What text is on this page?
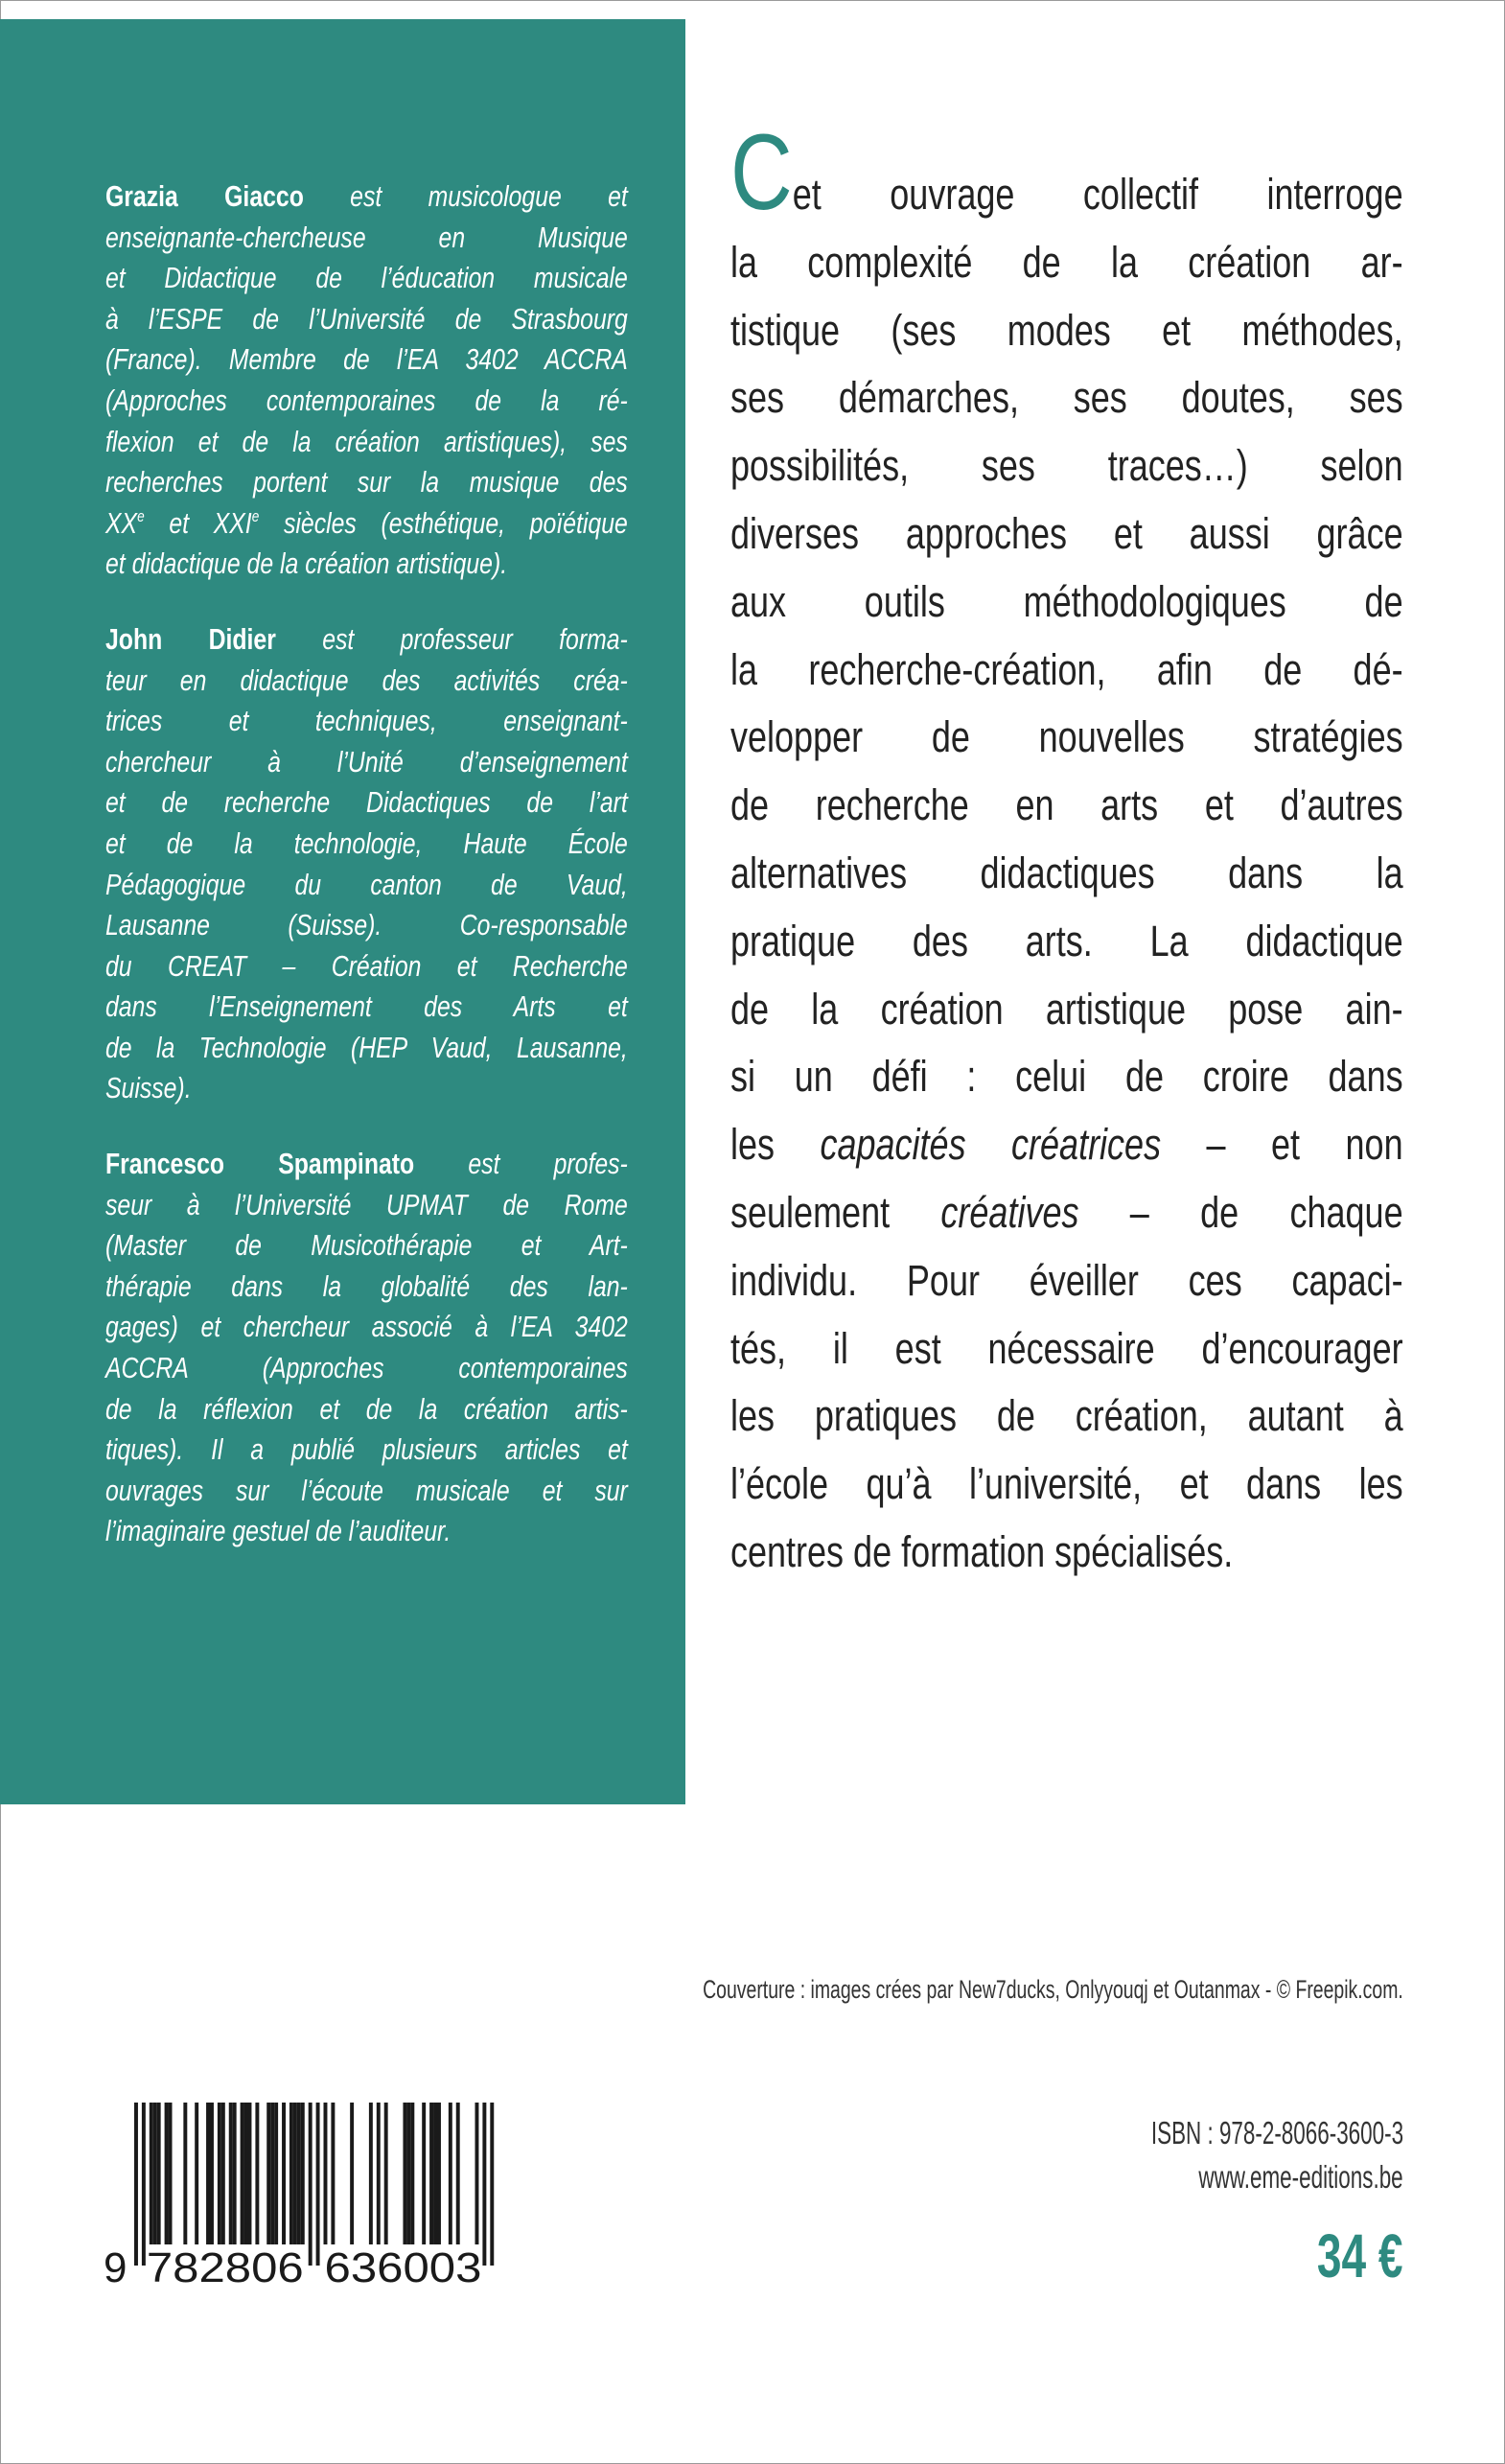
Grazia Giacco est musicologue et
enseignante-chercheuse en Musique
et Didactique de l’éducation musicale
à l’ESPE de l’Université de Strasbourg
(France). Membre de l’EA 3402 ACCRA
(Approches contemporaines de la ré-
flexion et de la création artistiques), ses
recherches portent sur la musique des
XXe et XXIe siècles (esthétique, poïétique
et didactique de la création artistique).
John Didier est professeur forma-
teur en didactique des activités créa-
trices et techniques, enseignant-
chercheur à l’Unité d’enseignement
et de recherche Didactiques de l’art
et de la technologie, Haute École
Pédagogique du canton de Vaud,
Lausanne (Suisse). Co-responsable
du CREAT – Création et Recherche
dans l’Enseignement des Arts et
de la Technologie (HEP Vaud, Lausanne,
Suisse).
Francesco Spampinato est profes-
seur à l’Université UPMAT de Rome
(Master de Musicothérapie et Art-
thérapie dans la globalité des lan-
gages) et chercheur associé à l’EA 3402
ACCRA (Approches contemporaines
de la réflexion et de la création artis-
tiques). Il a publié plusieurs articles et
ouvrages sur l’écoute musicale et sur
l’imaginaire gestuel de l’auditeur.
Cet ouvrage collectif interroge
la complexité de la création ar-
tistique (ses modes et méthodes,
ses démarches, ses doutes, ses
possibilités, ses traces…) selon
diverses approches et aussi grâce
aux outils méthodologiques de
la recherche-création, afin de dé-
velopper de nouvelles stratégies
de recherche en arts et d’autres
alternatives didactiques dans la
pratique des arts. La didactique
de la création artistique pose ain-
si un défi : celui de croire dans
les capacités créatrices – et non
seulement créatives – de chaque
individu. Pour éveiller ces capaci-
tés, il est nécessaire d’encourager
les pratiques de création, autant à
l’école qu’à l’université, et dans les
centres de formation spécialisés.
Couverture : images crées par New7ducks, Onlyyouqj et Outanmax - © Freepik.com.
9 782806 636003
ISBN : 978-2-8066-3600-3
www.eme-editions.be
34 €
